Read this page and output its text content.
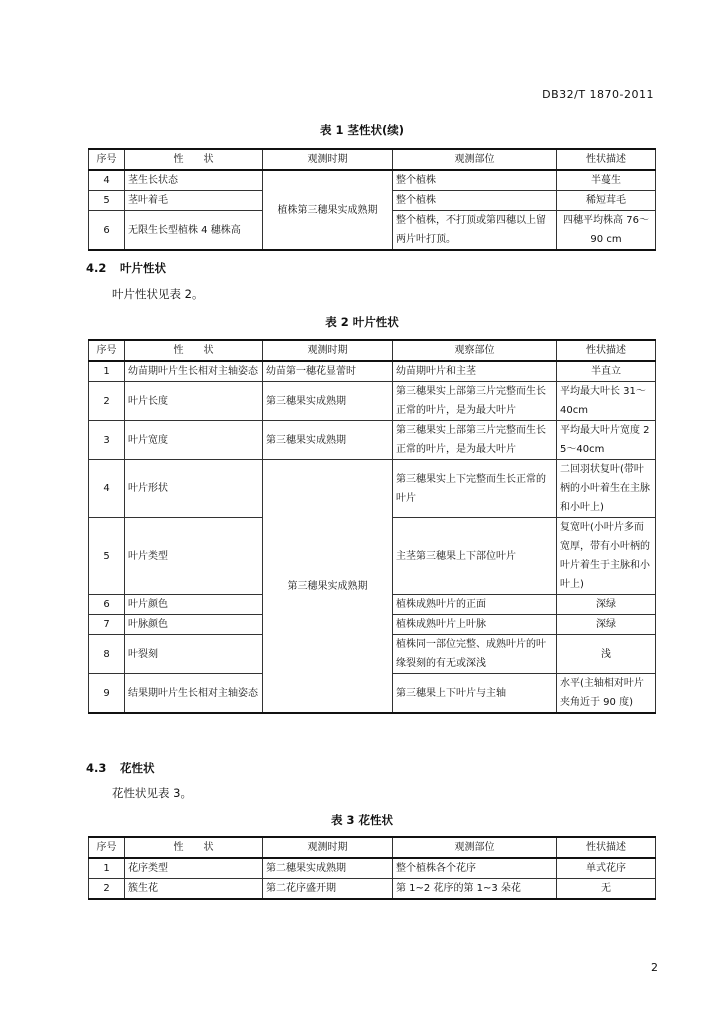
DB32/T 1870-2011
表 1 茎性状(续)
序号	性　　状	观测时期	观测部位	性状描述
4	茎生长状态	植株第三穗果实成熟期	整个植株	半蔓生
5	茎叶着毛		整个植株	稀短茸毛
6	无限生长型植株 4 穗株高		整个植株，不打顶或第四穗以上留两片叶打顶。	四穗平均株高 76～90 cm
4.2 叶片性状
叶片性状见表 2。
表 2 叶片性状
序号	性　　状	观测时期	观察部位	性状描述
1	幼苗期叶片生长相对主轴姿态	幼苗第一穗花显蕾时	幼苗期叶片和主茎	半直立
2	叶片长度	第三穗果实成熟期	第三穗果实上部第三片完整而生长正常的叶片，是为最大叶片	平均最大叶长 31～40cm
3	叶片宽度	第三穗果实成熟期	第三穗果实上部第三片完整而生长正常的叶片，是为最大叶片	平均最大叶片宽度 25～40cm
4	叶片形状	第三穗果实成熟期	第三穗果实上下完整而生长正常的叶片	二回羽状复叶(带叶柄的小叶着生在主脉和小叶上)
5	叶片类型		主茎第三穗果上下部位叶片	复宽叶(小叶片多而宽厚，带有小叶柄的叶片着生于主脉和小叶上)
6	叶片颜色		植株成熟叶片的正面	深绿
7	叶脉颜色		植株成熟叶片上叶脉	深绿
8	叶裂刻		植株同一部位完整、成熟叶片的叶缘裂刻的有无或深浅	浅
9	结果期叶片生长相对主轴姿态		第三穗果上下叶片与主轴	水平(主轴相对叶片夹角近于 90 度)
4.3 花性状
花性状见表 3。
表 3 花性状
序号	性　　状	观测时期	观测部位	性状描述
1	花序类型	第二穗果实成熟期	整个植株各个花序	单式花序
2	簇生花	第二花序盛开期	第 1~2 花序的第 1~3 朵花	无
2
